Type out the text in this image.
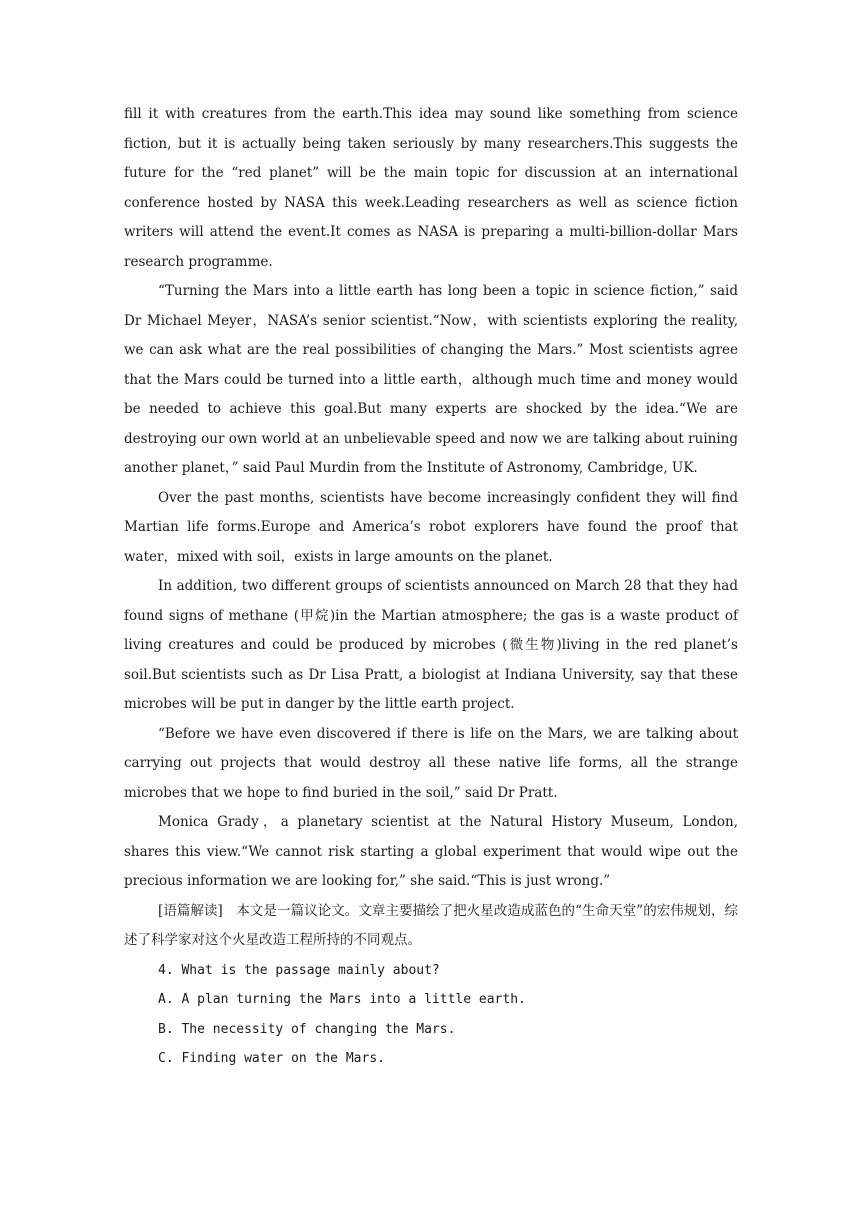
fill it with creatures from the earth.This idea may sound like something from science fiction, but it is actually being taken seriously by many researchers.This suggests the future for the “red planet” will be the main topic for discussion at an international conference hosted by NASA this week.Leading researchers as well as science fiction writers will attend the event.It comes as NASA is preparing a multi-billion-dollar Mars research programme.

“Turning the Mars into a little earth has long been a topic in science fiction,” said Dr Michael Meyer，NASA’s senior scientist.“Now，with scientists exploring the reality, we can ask what are the real possibilities of changing the Mars.” Most scientists agree that the Mars could be turned into a little earth，although much time and money would be needed to achieve this goal.But many experts are shocked by the idea.“We are destroying our own world at an unbelievable speed and now we are talking about ruining another planet，” said Paul Murdin from the Institute of Astronomy, Cambridge, UK.

Over the past months, scientists have become increasingly confident they will find Martian life forms.Europe and America’s robot explorers have found the proof that water，mixed with soil，exists in large amounts on the planet.

In addition, two different groups of scientists announced on March 28 that they had found signs of methane (甲烷)in the Martian atmosphere; the gas is a waste product of living creatures and could be produced by microbes (微生物)living in the red planet’s soil.But scientists such as Dr Lisa Pratt, a biologist at Indiana University, say that these microbes will be put in danger by the little earth project.

“Before we have even discovered if there is life on the Mars, we are talking about carrying out projects that would destroy all these native life forms, all the strange microbes that we hope to find buried in the soil,” said Dr Pratt.

Monica Grady，a planetary scientist at the Natural History Museum, London, shares this view.“We cannot risk starting a global experiment that would wipe out the precious information we are looking for,” she said.“This is just wrong.”

[语篇解读]　本文是一篇议论文。文章主要描绘了把火星改造成蓝色的“生命天堂”的宏伟规划，综述了科学家对这个火星改造工程所持的不同观点。

4. What is the passage mainly about?

A. A plan turning the Mars into a little earth.

B. The necessity of changing the Mars.

C. Finding water on the Mars.
